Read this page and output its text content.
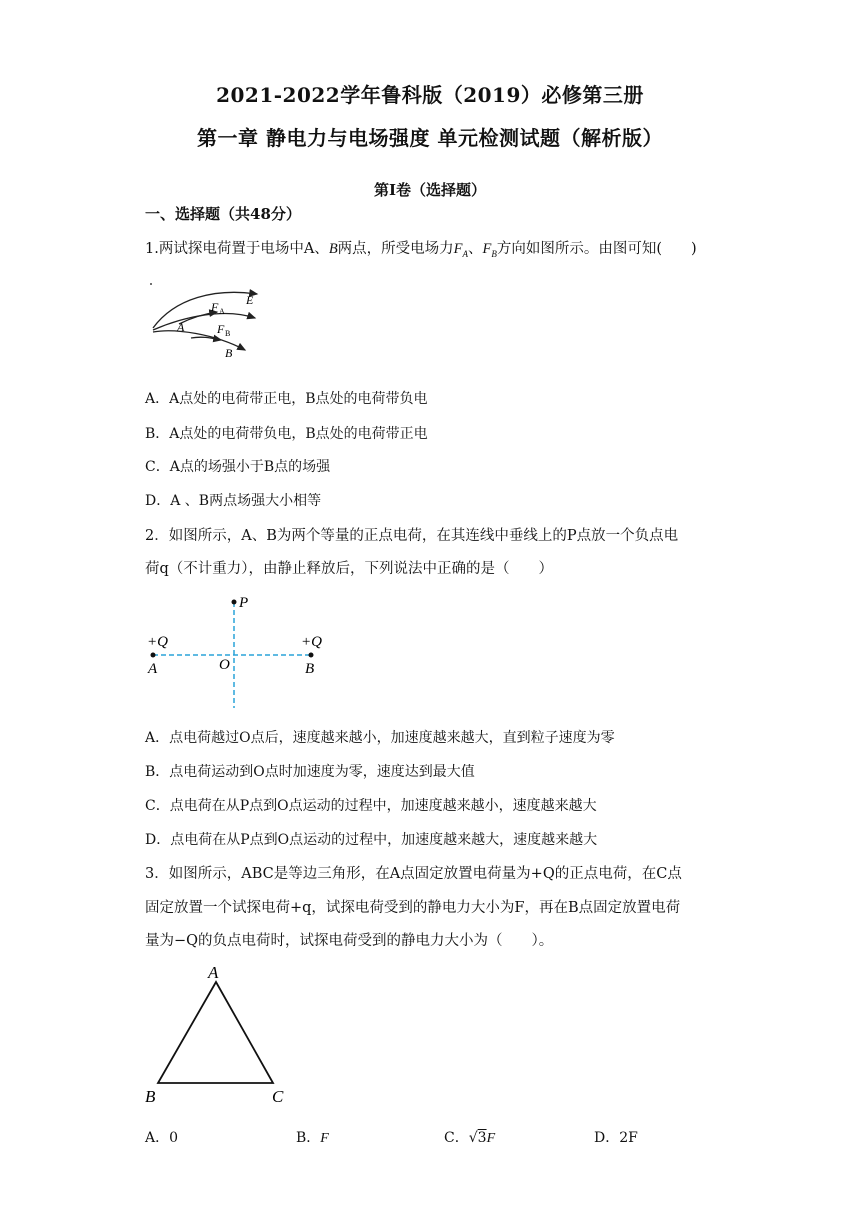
2021-2022学年鲁科版（2019）必修第三册
第一章 静电力与电场强度 单元检测试题（解析版）
第Ⅰ卷（选择题）
一、选择题（共48分）
1.两试探电荷置于电场中A、B两点，所受电场力$F_A$、$F_B$方向如图所示。由图可知(　　)
E
F A
F B
A
B
A．A点处的电荷带正电，B点处的电荷带负电
B．A点处的电荷带负电，B点处的电荷带正电
C．A点的场强小于B点的场强
D．A 、B两点场强大小相等
2．如图所示，A、B为两个等量的正点电荷，在其连线中垂线上的P点放一个负点电
荷q（不计重力），由静止释放后，下列说法中正确的是（　　）
P
+Q	+Q
A	O	B
A．点电荷越过O点后，速度越来越小，加速度越来越大，直到粒子速度为零
B．点电荷运动到O点时加速度为零，速度达到最大值
C．点电荷在从P点到O点运动的过程中，加速度越来越小，速度越来越大
D．点电荷在从P点到O点运动的过程中，加速度越来越大，速度越来越大
3．如图所示，ABC是等边三角形，在A点固定放置电荷量为+Q的正点电荷，在C点
固定放置一个试探电荷+q，试探电荷受到的静电力大小为F，再在B点固定放置电荷
量为−Q的负点电荷时，试探电荷受到的静电力大小为（　　）。
A
B	C
A．0	B．F	C．√3F	D．2F
